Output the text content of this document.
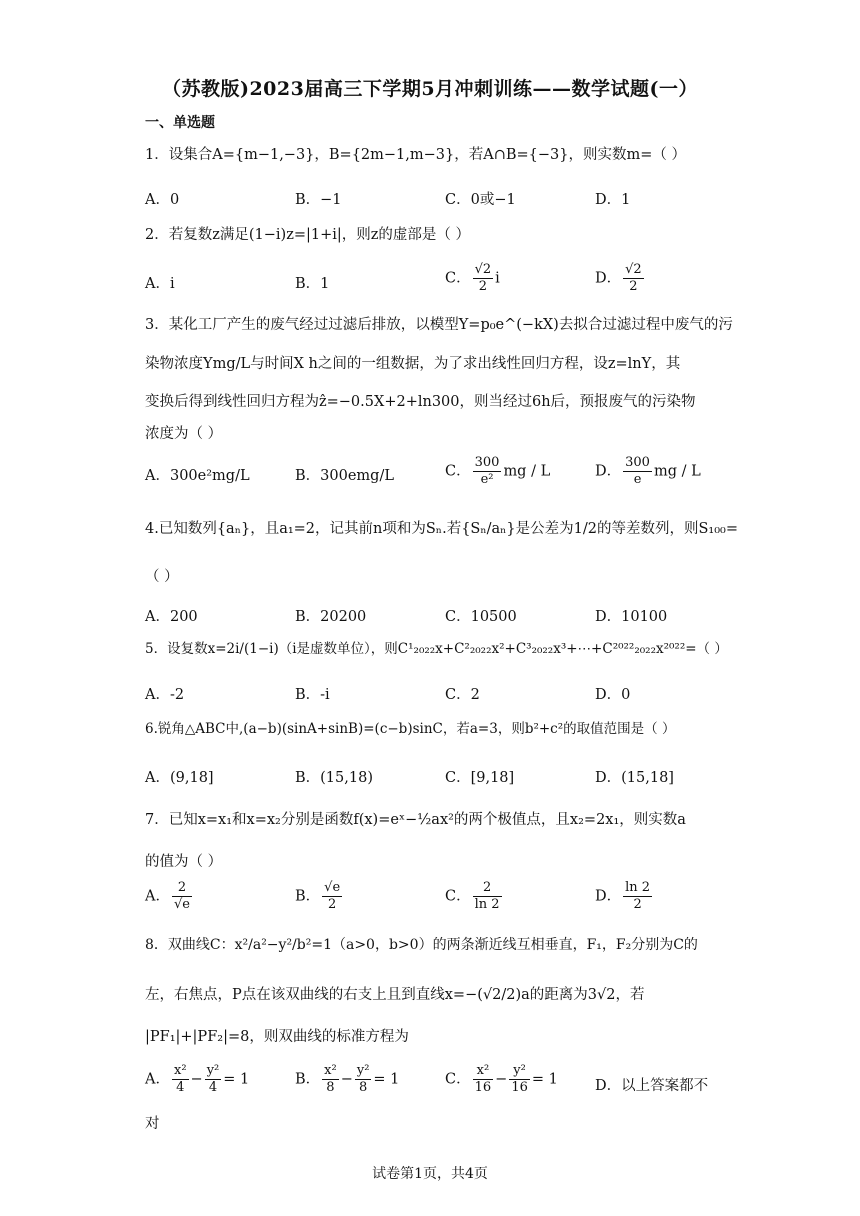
（苏教版)2023届高三下学期5月冲刺训练——数学试题(一）
一、单选题
1．设集合A={m−1,−3}，B={2m−1,m−3}，若A∩B={−3}，则实数m=（ ）
A．0	B．−1	C．0或−1	D．1
2．若复数z满足(1−i)z=|1+i|，则z的虚部是（ ）
A．i	B．1	C． $\frac{√2}{2}$ i	D． $\frac{√2}{2}$
3．某化工厂产生的废气经过过滤后排放，以模型Y=p₀e^(−kX)去拟合过滤过程中废气的污
染物浓度Ymg/L与时间X h之间的一组数据，为了求出线性回归方程，设z=lnY，其
变换后得到线性回归方程为ẑ=−0.5X+2+ln300，则当经过6h后，预报废气的污染物
浓度为（ ）
A．300e²mg/L	B．300emg/L	C． $\frac{300}{\text{e²}}$ mg / L	D． $\frac{300}{e}$ mg / L
4.已知数列{aₙ}，且a₁=2，记其前n项和为Sₙ.若{Sₙ/aₙ}是公差为1/2的等差数列，则S₁₀₀=
（ ）
A．200	B．20200	C．10500	D．10100
5．设复数x=2i/(1−i)（i是虚数单位），则C¹₂₀₂₂x+C²₂₀₂₂x²+C³₂₀₂₂x³+⋯+C²⁰²²₂₀₂₂x²⁰²²=（ ）
A．-2	B．-i	C．2	D．0
6.锐角△ABC中,(a−b)(sinA+sinB)=(c−b)sinC，若a=3，则b²+c²的取值范围是（ ）
A．(9,18]	B．(15,18)	C．[9,18]	D．(15,18]
7．已知x=x₁和x=x₂分别是函数f(x)=eˣ−½ax²的两个极值点，且x₂=2x₁，则实数a
的值为（ ）
A． $\frac{2}{√e}$	B． $\frac{√e}{2}$	C． $\frac{2}{\ln 2}$	D． $\frac{\ln 2}{2}$
8．双曲线C：x²/a²−y²/b²=1（a>0，b>0）的两条渐近线互相垂直，F₁，F₂分别为C的
左，右焦点，P点在该双曲线的右支上且到直线x=−(√2/2)a的距离为3√2，若
|PF₁|+|PF₂|=8，则双曲线的标准方程为
A． $\frac{\text{x²}}{4} - \frac{\text{y²}}{4} = 1$	B． $\frac{\text{x²}}{8} - \frac{\text{y²}}{8} = 1$	C． $\frac{\text{x²}}{16} - \frac{\text{y²}}{16} = 1$	D．以上答案都不
对
试卷第1页，共4页
